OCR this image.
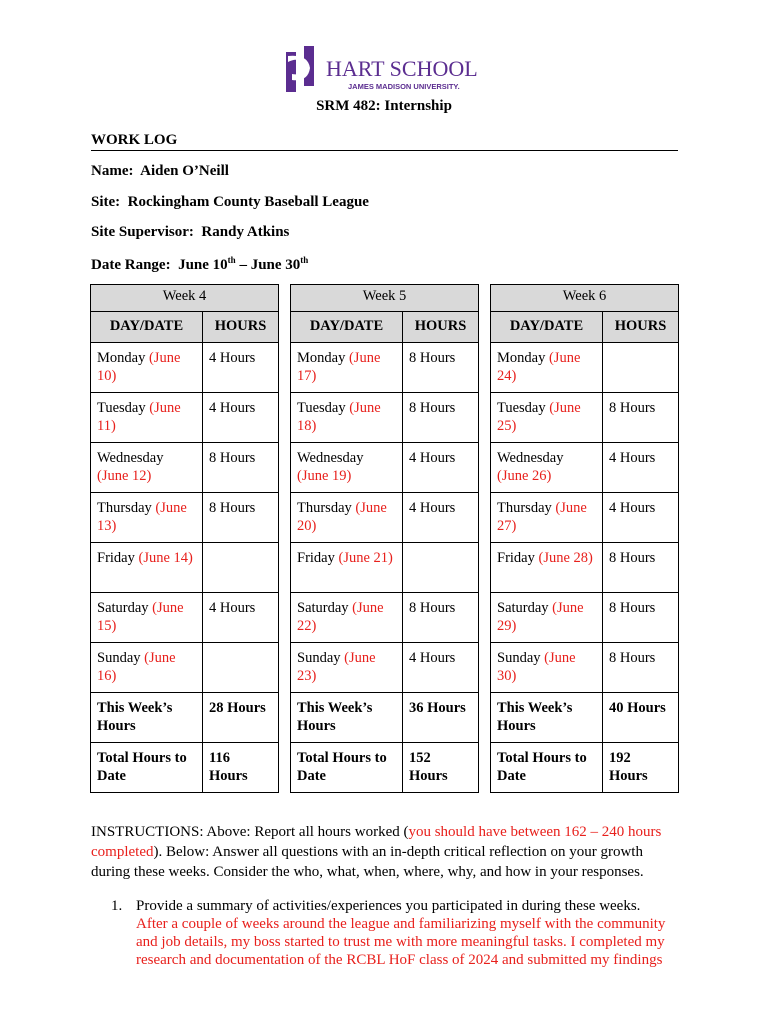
HART SCHOOL
JAMES MADISON UNIVERSITY.
SRM 482: Internship
WORK LOG
Name: Aiden O’Neill
Site: Rockingham County Baseball League
Site Supervisor: Randy Atkins
Date Range: June 10th – June 30th
Week 4	
DAY/DATE	HOURS
Monday (June 10)	4 Hours
Tuesday (June 11)	4 Hours
Wednesday (June 12)	8 Hours
Thursday (June 13)	8 Hours
Friday (June 14)	
Saturday (June 15)	4 Hours
Sunday (June 16)	
This Week’s Hours	28 Hours
Total Hours to Date	116 Hours
Week 5	
DAY/DATE	HOURS
Monday (June 17)	8 Hours
Tuesday (June 18)	8 Hours
Wednesday (June 19)	4 Hours
Thursday (June 20)	4 Hours
Friday (June 21)	
Saturday (June 22)	8 Hours
Sunday (June 23)	4 Hours
This Week’s Hours	36 Hours
Total Hours to Date	152 Hours
Week 6	
DAY/DATE	HOURS
Monday (June 24)	
Tuesday (June 25)	8 Hours
Wednesday (June 26)	4 Hours
Thursday (June 27)	4 Hours
Friday (June 28)	8 Hours
Saturday (June 29)	8 Hours
Sunday (June 30)	8 Hours
This Week’s Hours	40 Hours
Total Hours to Date	192 Hours
INSTRUCTIONS: Above: Report all hours worked (you should have between 162 – 240 hours completed). Below: Answer all questions with an in-depth critical reflection on your growth during these weeks. Consider the who, what, when, where, why, and how in your responses.
1. Provide a summary of activities/experiences you participated in during these weeks.
After a couple of weeks around the league and familiarizing myself with the community and job details, my boss started to trust me with more meaningful tasks. I completed my research and documentation of the RCBL HoF class of 2024 and submitted my findings
